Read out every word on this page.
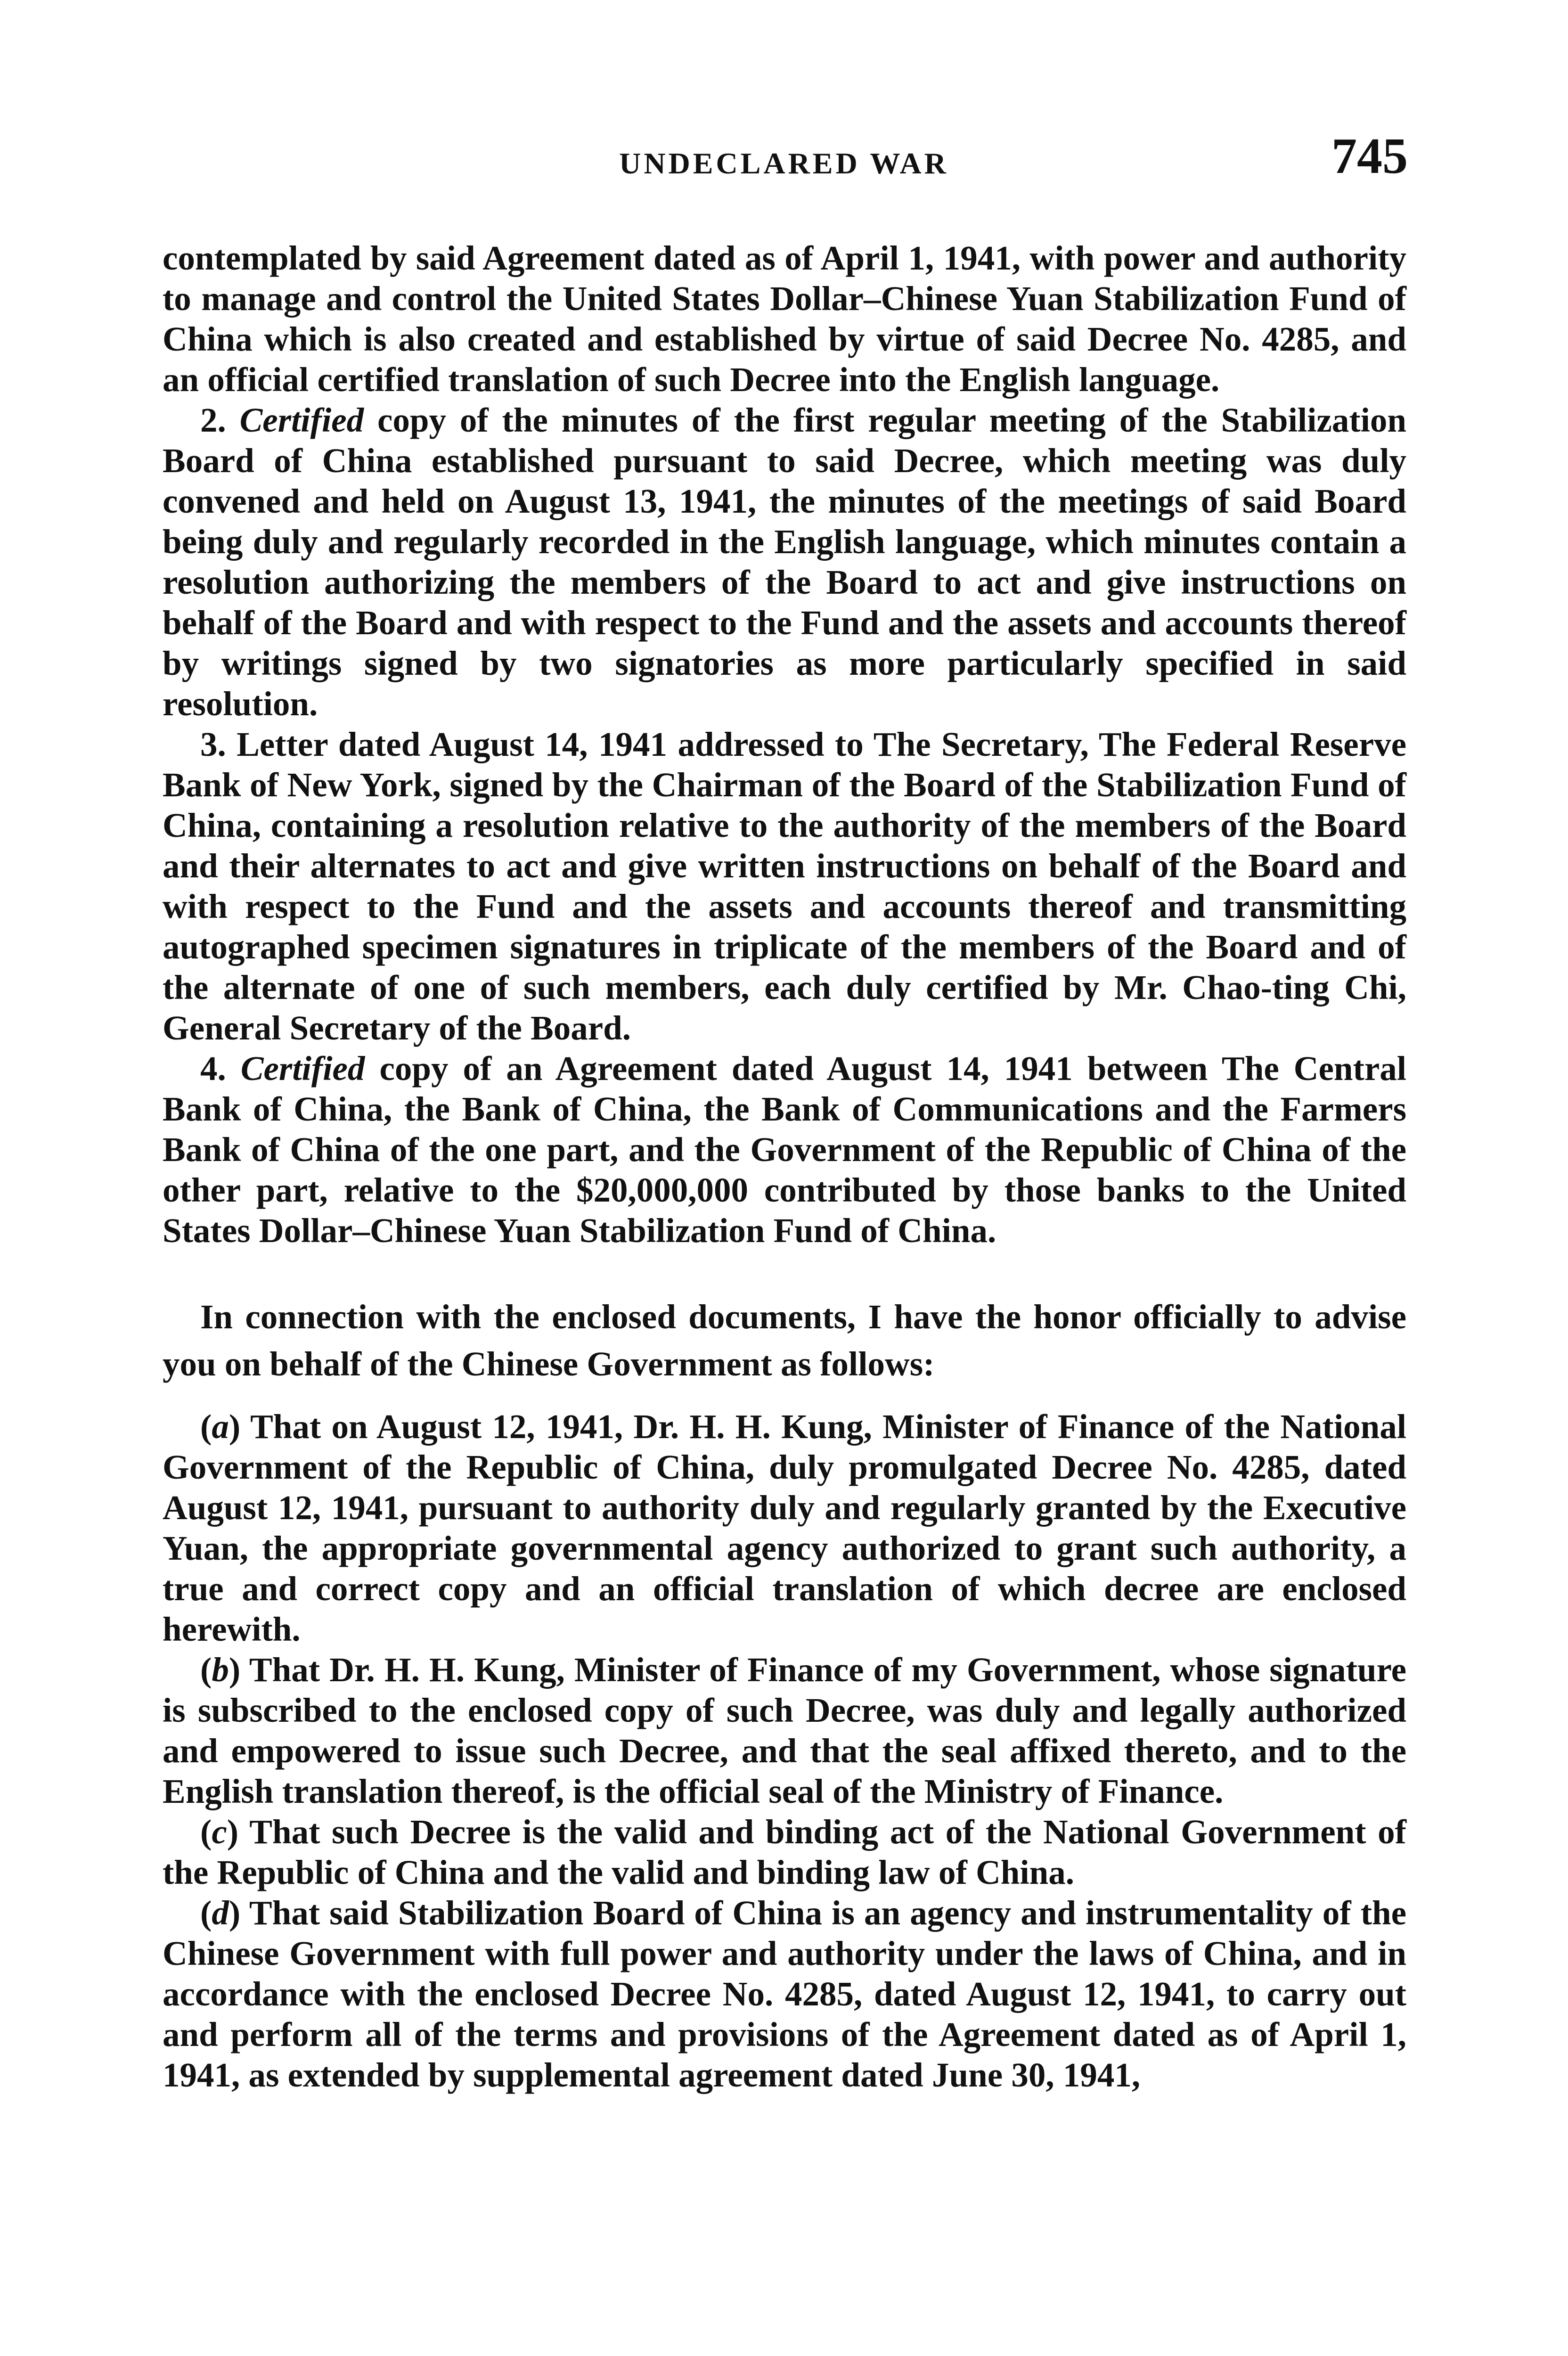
UNDECLARED WAR	745

contemplated by said Agreement dated as of April 1, 1941, with power and authority to manage and control the United States Dollar–Chinese Yuan Stabilization Fund of China which is also created and established by virtue of said Decree No. 4285, and an official certified translation of such Decree into the English language.

2. Certified copy of the minutes of the first regular meeting of the Stabilization Board of China established pursuant to said Decree, which meeting was duly convened and held on August 13, 1941, the minutes of the meetings of said Board being duly and regularly recorded in the English language, which minutes contain a resolution authorizing the members of the Board to act and give instructions on behalf of the Board and with respect to the Fund and the assets and accounts thereof by writings signed by two signatories as more particularly specified in said resolution.

3. Letter dated August 14, 1941 addressed to The Secretary, The Federal Reserve Bank of New York, signed by the Chairman of the Board of the Stabilization Fund of China, containing a resolution relative to the authority of the members of the Board and their alternates to act and give written instructions on behalf of the Board and with respect to the Fund and the assets and accounts thereof and transmitting autographed specimen signatures in triplicate of the members of the Board and of the alternate of one of such members, each duly certified by Mr. Chao-ting Chi, General Secretary of the Board.

4. Certified copy of an Agreement dated August 14, 1941 between The Central Bank of China, the Bank of China, the Bank of Communications and the Farmers Bank of China of the one part, and the Government of the Republic of China of the other part, relative to the $20,000,000 contributed by those banks to the United States Dollar–Chinese Yuan Stabilization Fund of China.

In connection with the enclosed documents, I have the honor officially to advise you on behalf of the Chinese Government as follows:

(a) That on August 12, 1941, Dr. H. H. Kung, Minister of Finance of the National Government of the Republic of China, duly promulgated Decree No. 4285, dated August 12, 1941, pursuant to authority duly and regularly granted by the Executive Yuan, the appropriate governmental agency authorized to grant such authority, a true and correct copy and an official translation of which decree are enclosed herewith.

(b) That Dr. H. H. Kung, Minister of Finance of my Government, whose signature is subscribed to the enclosed copy of such Decree, was duly and legally authorized and empowered to issue such Decree, and that the seal affixed thereto, and to the English translation thereof, is the official seal of the Ministry of Finance.

(c) That such Decree is the valid and binding act of the National Government of the Republic of China and the valid and binding law of China.

(d) That said Stabilization Board of China is an agency and instrumentality of the Chinese Government with full power and authority under the laws of China, and in accordance with the enclosed Decree No. 4285, dated August 12, 1941, to carry out and perform all of the terms and provisions of the Agreement dated as of April 1, 1941, as extended by supplemental agreement dated June 30, 1941,
